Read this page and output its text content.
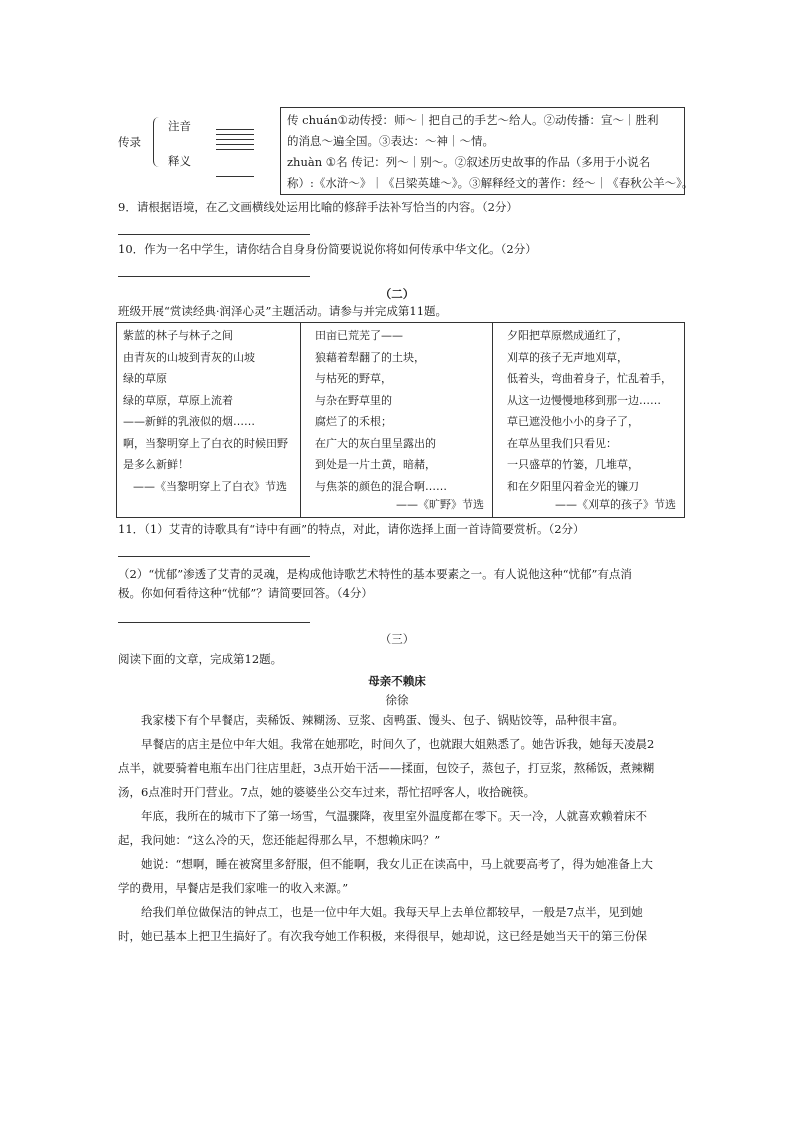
传录
注音
释义
传 chuán①动传授：师～｜把自己的手艺～给人。②动传播：宣～｜胜利
的消息～遍全国。③表达：～神｜～情。
zhuàn ①名 传记：列～｜别～。②叙述历史故事的作品（多用于小说名
称）:《水浒～》｜《吕梁英雄～》。③解释经文的著作：经～｜《春秋公羊～》。
9．请根据语境，在乙文画横线处运用比喻的修辞手法补写恰当的内容。（2分）
10．作为一名中学生，请你结合自身身份简要说说你将如何传承中华文化。（2分）
（二）
班级开展“赏读经典·润泽心灵”主题活动。请参与并完成第11题。
紫蓝的林子与林子之间
由青灰的山坡到青灰的山坡
绿的草原
绿的草原，草原上流着
——新鲜的乳液似的烟……
啊，当黎明穿上了白衣的时候田野
是多么新鲜！
——《当黎明穿上了白衣》节选
田亩已荒芜了——
狼藉着犁翻了的土块，
与枯死的野草，
与杂在野草里的
腐烂了的禾根；
在广大的灰白里呈露出的
到处是一片土黄，暗赭，
与焦茶的颜色的混合啊……
——《旷野》节选
夕阳把草原燃成通红了，
刈草的孩子无声地刈草，
低着头，弯曲着身子，忙乱着手，
从这一边慢慢地移到那一边……
草已遮没他小小的身子了，
在草丛里我们只看见：
一只盛草的竹篓，几堆草，
和在夕阳里闪着金光的镰刀
——《刈草的孩子》节选
11．（1）艾青的诗歌具有“诗中有画”的特点，对此，请你选择上面一首诗简要赏析。（2分）
（2）“忧郁”渗透了艾青的灵魂，是构成他诗歌艺术特性的基本要素之一。有人说他这种“忧郁”有点消
极。你如何看待这种“忧郁”？请简要回答。（4分）
（三）
阅读下面的文章，完成第12题。
母亲不赖床
徐徐
我家楼下有个早餐店，卖稀饭、辣糊汤、豆浆、卤鸭蛋、馒头、包子、锅贴饺等，品种很丰富。
早餐店的店主是位中年大姐。我常在她那吃，时间久了，也就跟大姐熟悉了。她告诉我，她每天凌晨2
点半，就要骑着电瓶车出门往店里赶，3点开始干活——揉面，包饺子，蒸包子，打豆浆，熬稀饭，煮辣糊
汤，6点准时开门营业。7点，她的婆婆坐公交车过来，帮忙招呼客人，收拾碗筷。
年底，我所在的城市下了第一场雪，气温骤降，夜里室外温度都在零下。天一冷，人就喜欢赖着床不
起，我问她：“这么冷的天，您还能起得那么早，不想赖床吗？”
她说：“想啊，睡在被窝里多舒服，但不能啊，我女儿正在读高中，马上就要高考了，得为她准备上大
学的费用，早餐店是我们家唯一的收入来源。”
给我们单位做保洁的钟点工，也是一位中年大姐。我每天早上去单位都较早，一般是7点半，见到她
时，她已基本上把卫生搞好了。有次我夸她工作积极，来得很早，她却说，这已经是她当天干的第三份保
